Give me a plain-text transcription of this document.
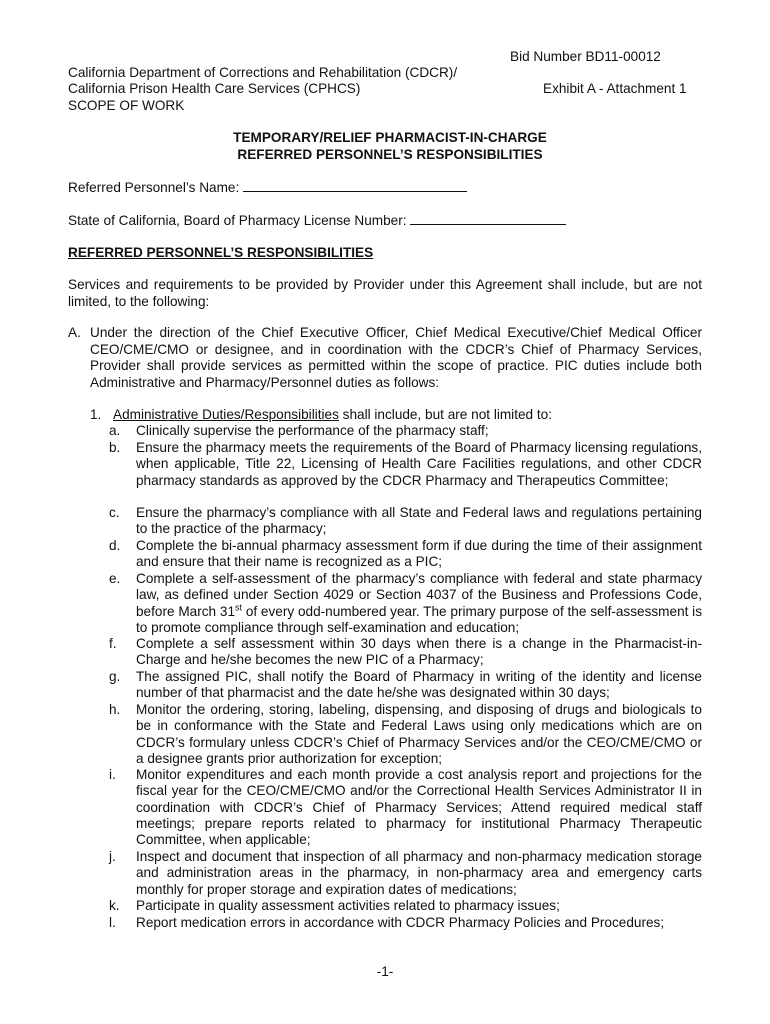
Bid Number BD11-00012
California Department of Corrections and Rehabilitation (CDCR)/
California Prison Health Care Services (CPHCS)	Exhibit A - Attachment 1
SCOPE OF WORK
TEMPORARY/RELIEF PHARMACIST-IN-CHARGE
REFERRED PERSONNEL’S RESPONSIBILITIES
Referred Personnel’s Name:
State of California, Board of Pharmacy License Number:
REFERRED PERSONNEL’S RESPONSIBILITIES
Services and requirements to be provided by Provider under this Agreement shall include, but are not limited, to the following:
A. Under the direction of the Chief Executive Officer, Chief Medical Executive/Chief Medical Officer CEO/CME/CMO or designee, and in coordination with the CDCR’s Chief of Pharmacy Services, Provider shall provide services as permitted within the scope of practice. PIC duties include both Administrative and Pharmacy/Personnel duties as follows:
1. Administrative Duties/Responsibilities shall include, but are not limited to:
a.	Clinically supervise the performance of the pharmacy staff;
b.	Ensure the pharmacy meets the requirements of the Board of Pharmacy licensing regulations, when applicable, Title 22, Licensing of Health Care Facilities regulations, and other CDCR pharmacy standards as approved by the CDCR Pharmacy and Therapeutics Committee;
c.	Ensure the pharmacy’s compliance with all State and Federal laws and regulations pertaining to the practice of the pharmacy;
d.	Complete the bi-annual pharmacy assessment form if due during the time of their assignment and ensure that their name is recognized as a PIC;
e.	Complete a self-assessment of the pharmacy’s compliance with federal and state pharmacy law, as defined under Section 4029 or Section 4037 of the Business and Professions Code, before March 31st of every odd-numbered year. The primary purpose of the self-assessment is to promote compliance through self-examination and education;
f.	Complete a self assessment within 30 days when there is a change in the Pharmacist-in-Charge and he/she becomes the new PIC of a Pharmacy;
g.	The assigned PIC, shall notify the Board of Pharmacy in writing of the identity and license number of that pharmacist and the date he/she was designated within 30 days;
h.	Monitor the ordering, storing, labeling, dispensing, and disposing of drugs and biologicals to be in conformance with the State and Federal Laws using only medications which are on CDCR’s formulary unless CDCR’s Chief of Pharmacy Services and/or the CEO/CME/CMO or a designee grants prior authorization for exception;
i.	Monitor expenditures and each month provide a cost analysis report and projections for the fiscal year for the CEO/CME/CMO and/or the Correctional Health Services Administrator II in coordination with CDCR’s Chief of Pharmacy Services; Attend required medical staff meetings; prepare reports related to pharmacy for institutional Pharmacy Therapeutic Committee, when applicable;
j.	Inspect and document that inspection of all pharmacy and non-pharmacy medication storage and administration areas in the pharmacy, in non-pharmacy area and emergency carts monthly for proper storage and expiration dates of medications;
k.	Participate in quality assessment activities related to pharmacy issues;
l.	Report medication errors in accordance with CDCR Pharmacy Policies and Procedures;
-1-
